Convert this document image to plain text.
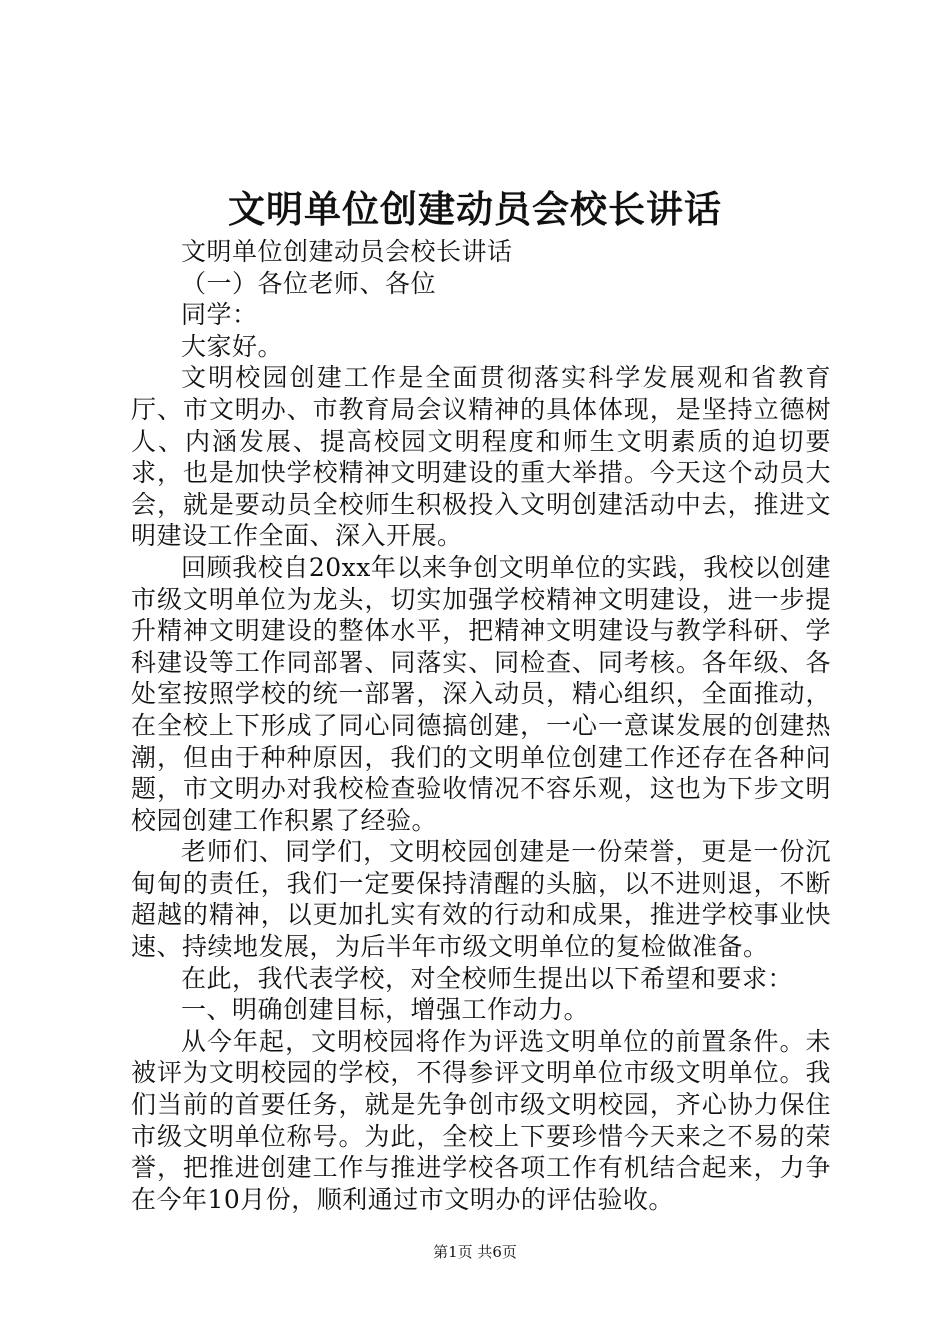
文明单位创建动员会校长讲话

文明单位创建动员会校长讲话

（一）各位老师、各位

同学：

大家好。

文明校园创建工作是全面贯彻落实科学发展观和省教育厅、市文明办、市教育局会议精神的具体体现，是坚持立德树人、内涵发展、提高校园文明程度和师生文明素质的迫切要求，也是加快学校精神文明建设的重大举措。今天这个动员大会，就是要动员全校师生积极投入文明创建活动中去，推进文明建设工作全面、深入开展。

回顾我校自20xx年以来争创文明单位的实践，我校以创建市级文明单位为龙头，切实加强学校精神文明建设，进一步提升精神文明建设的整体水平，把精神文明建设与教学科研、学科建设等工作同部署、同落实、同检查、同考核。各年级、各处室按照学校的统一部署，深入动员，精心组织，全面推动，在全校上下形成了同心同德搞创建，一心一意谋发展的创建热潮，但由于种种原因，我们的文明单位创建工作还存在各种问题，市文明办对我校检查验收情况不容乐观，这也为下步文明校园创建工作积累了经验。

老师们、同学们，文明校园创建是一份荣誉，更是一份沉甸甸的责任，我们一定要保持清醒的头脑，以不进则退，不断超越的精神，以更加扎实有效的行动和成果，推进学校事业快速、持续地发展，为后半年市级文明单位的复检做准备。

在此，我代表学校，对全校师生提出以下希望和要求：

一、明确创建目标，增强工作动力。

从今年起，文明校园将作为评选文明单位的前置条件。未被评为文明校园的学校，不得参评文明单位市级文明单位。我们当前的首要任务，就是先争创市级文明校园，齐心协力保住市级文明单位称号。为此，全校上下要珍惜今天来之不易的荣誉，把推进创建工作与推进学校各项工作有机结合起来，力争在今年10月份，顺利通过市文明办的评估验收。

第1页 共6页
